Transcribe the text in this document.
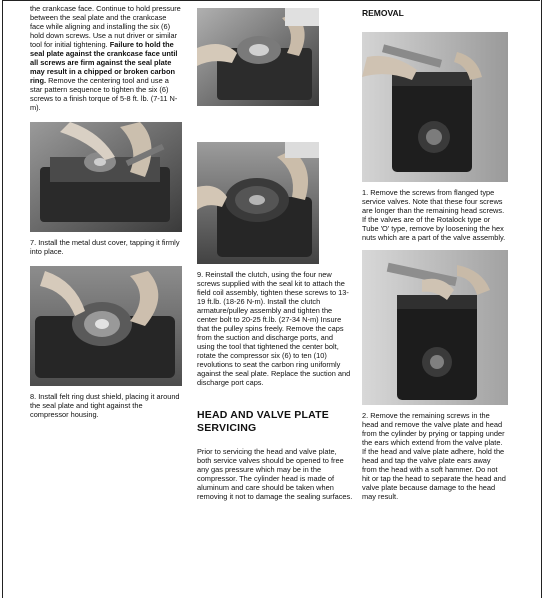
the crankcase face. Continue to hold pressure between the seal plate and the crankcase face while aligning and installing the six (6) hold down screws. Use a nut driver or similar tool for initial tightening. Failure to hold the seal plate against the crankcase face until all screws are firm against the seal plate may result in a chipped or broken carbon ring. Remove the centering tool and use a star pattern sequence to tighten the six (6) screws to a finish torque of 5-8 ft. lb. (7-11 N-m).

7. Install the metal dust cover, tapping it firmly into place.

8. Install felt ring dust shield, placing it around the seal plate and tight against the compressor housing.

9. Reinstall the clutch, using the four new screws supplied with the seal kit to attach the field coil assembly, tighten these screws to 13-19 ft.lb. (18-26 N-m). Install the clutch armature/pulley assembly and tighten the center bolt to 20-25 ft.lb. (27-34 N-m) Insure that the pulley spins freely. Remove the caps from the suction and discharge ports, and using the tool that tightened the center bolt, rotate the compressor six (6) to ten (10) revolutions to seat the carbon ring uniformly against the seal plate. Replace the suction and discharge port caps.

HEAD AND VALVE PLATE SERVICING

Prior to servicing the head and valve plate, both service valves should be opened to free any gas pressure which may be in the compressor. The cylinder head is made of aluminum and care should be taken when removing it not to damage the sealing surfaces.

REMOVAL

1. Remove the screws from flanged type service valves. Note that these four screws are longer than the remaining head screws. If the valves are of the Rotalock type or Tube 'O' type, remove by loosening the hex nuts which are a part of the valve assembly.

2. Remove the remaining screws in the head and remove the valve plate and head from the cylinder by prying or tapping under the ears which extend from the valve plate. If the head and valve plate adhere, hold the head and tap the valve plate ears away from the head with a soft hammer. Do not hit or tap the head to separate the head and valve plate because damage to the head may result.
